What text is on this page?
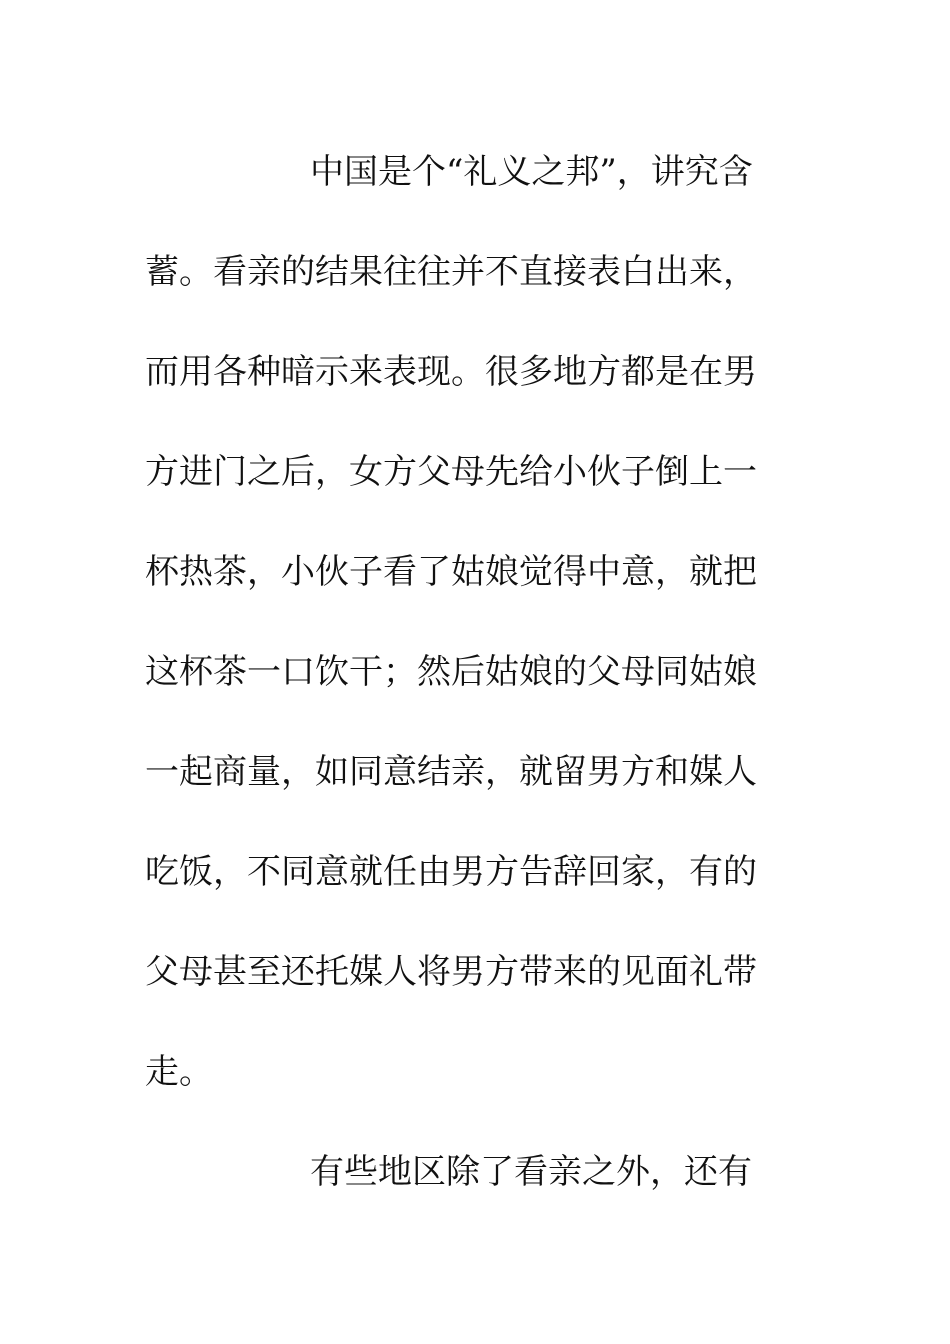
中国是个“礼义之邦”，讲究含
蓄。看亲的结果往往并不直接表白出来，
而用各种暗示来表现。很多地方都是在男
方进门之后，女方父母先给小伙子倒上一
杯热茶，小伙子看了姑娘觉得中意，就把
这杯茶一口饮干；然后姑娘的父母同姑娘
一起商量，如同意结亲，就留男方和媒人
吃饭，不同意就任由男方告辞回家，有的
父母甚至还托媒人将男方带来的见面礼带
走。
有些地区除了看亲之外，还有
